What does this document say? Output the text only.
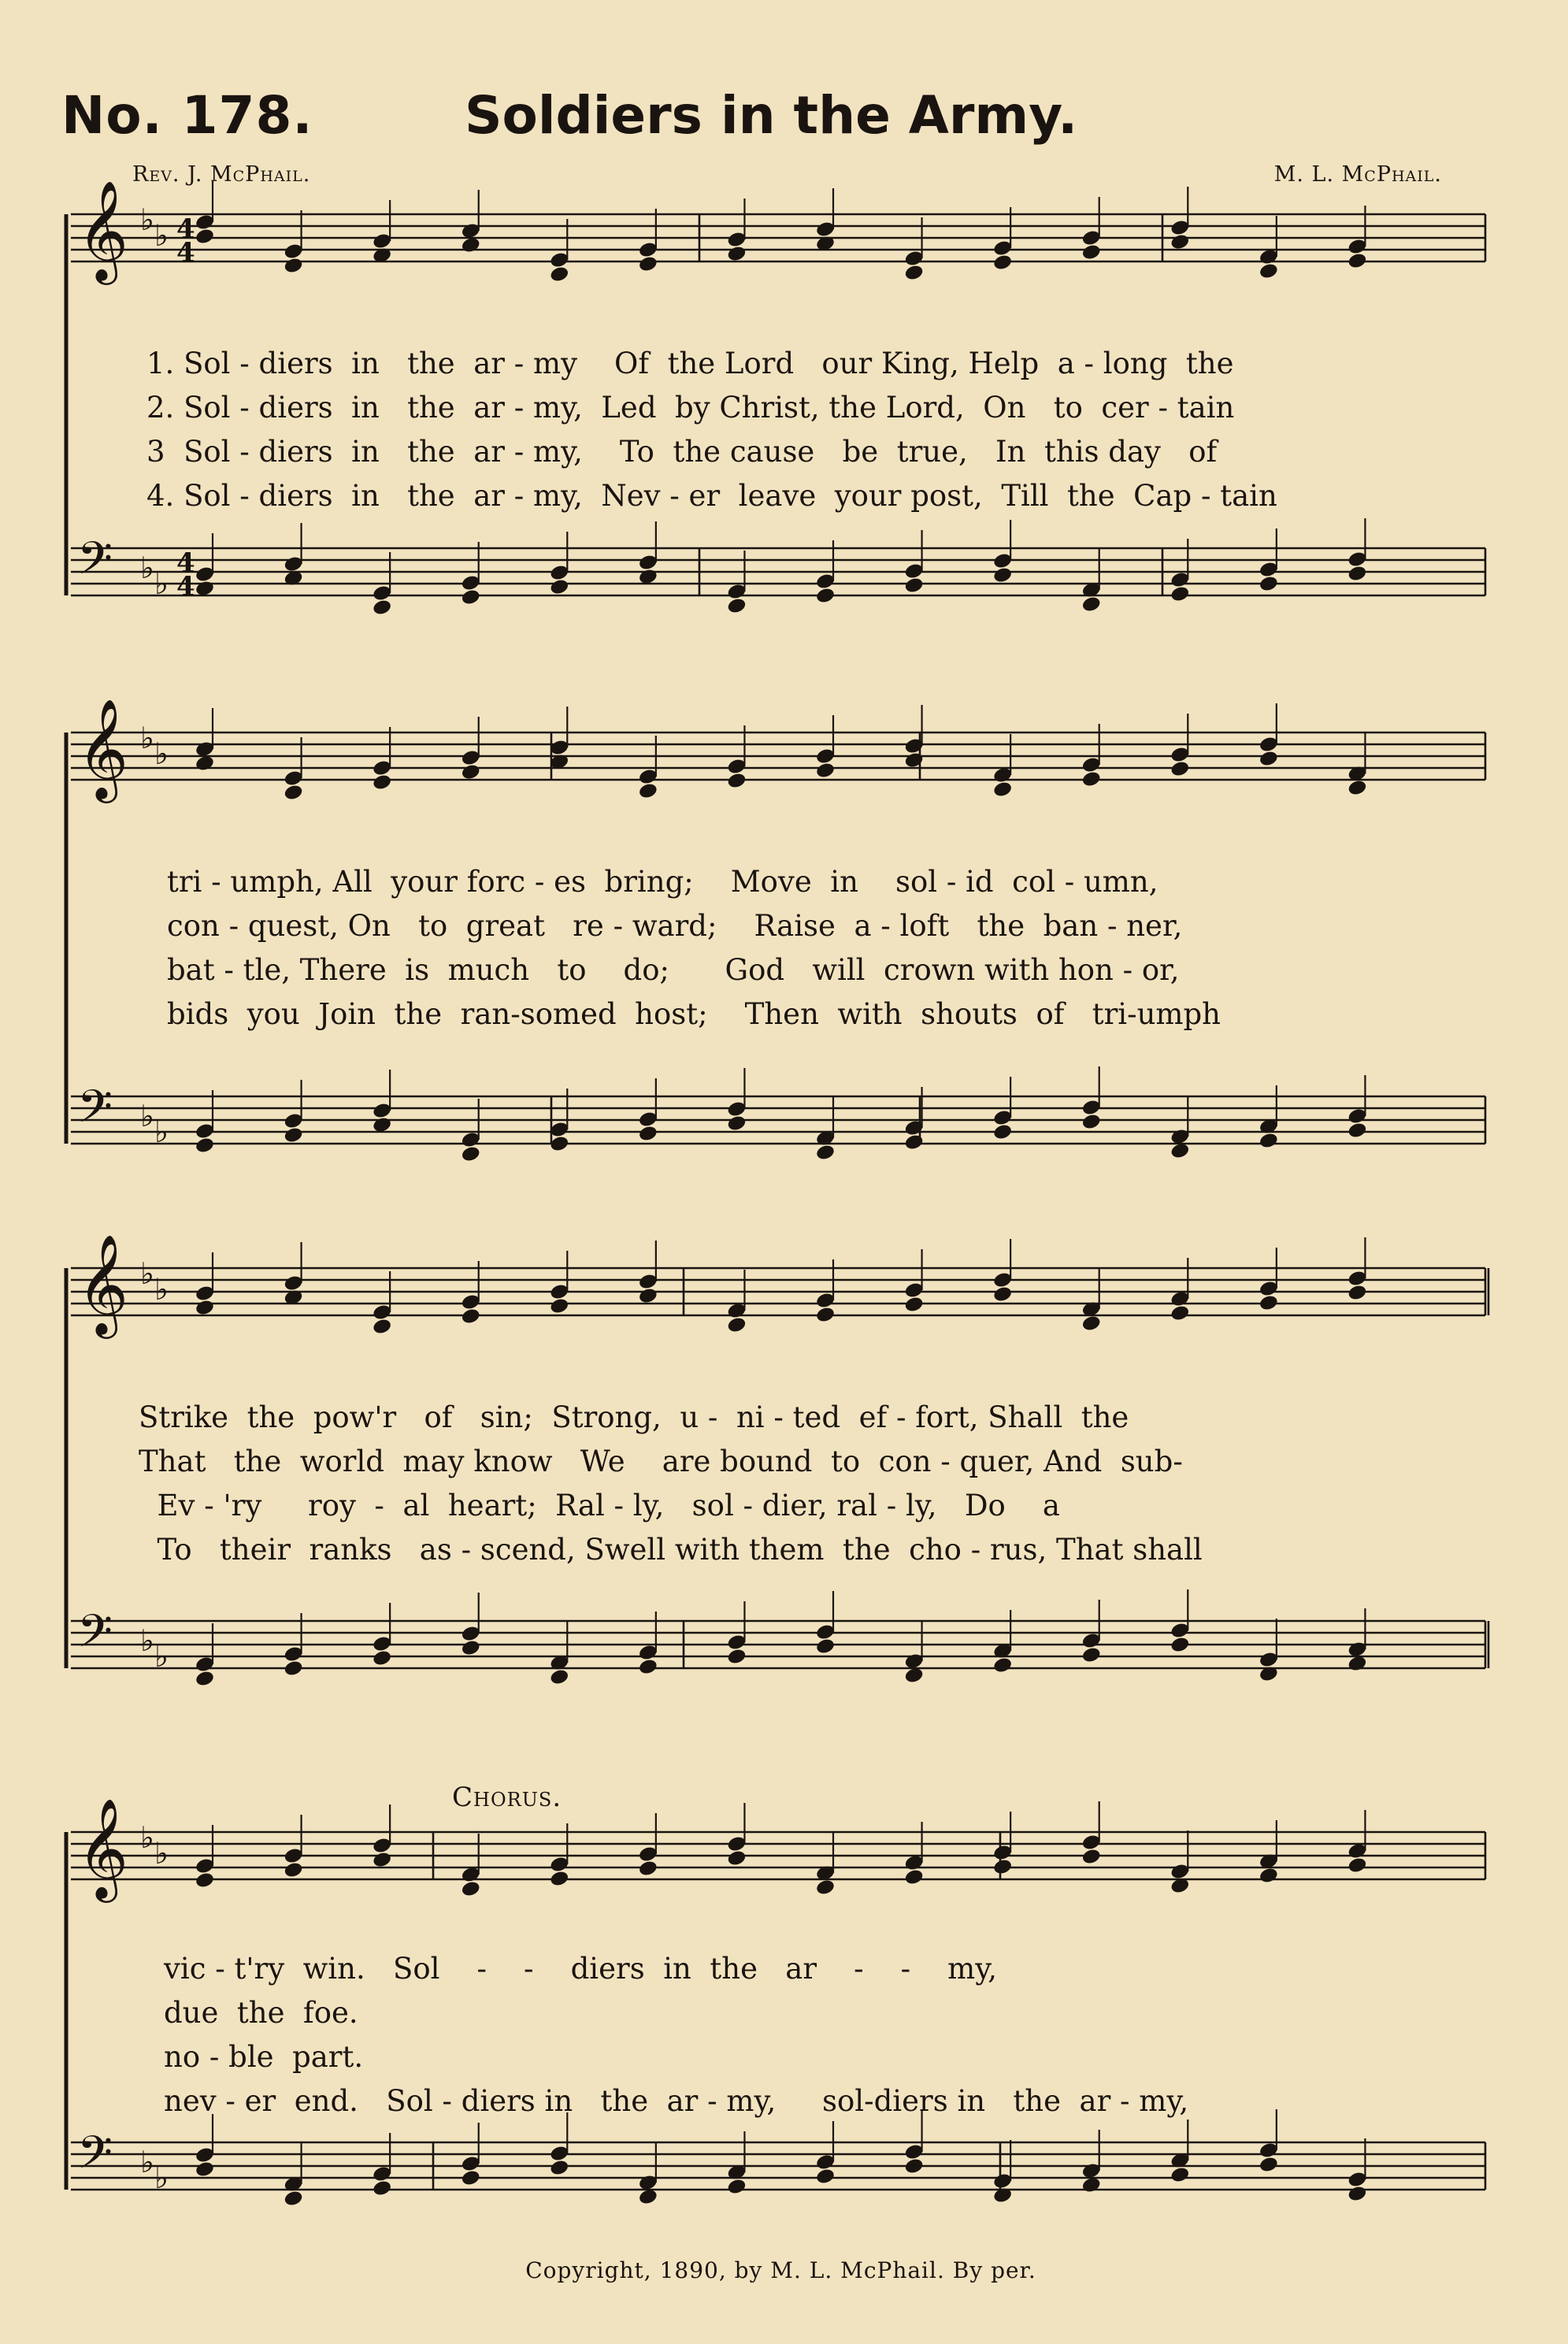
No. 178.	Soldiers in the Army.
Rev. J. McPhail.	M. L. McPhail.
𝄞 ♭ ♭ 4
4
𝄢 ♭ ♭
4
4
𝄞 ♭ ♭
𝄢 ♭ ♭
𝄞 ♭ ♭
𝄢 ♭ ♭
𝄞 ♭ ♭
𝄢 ♭ ♭
1. Sol - diers  in   the  ar - my    Of  the Lord   our King, Help  a - long  the
2. Sol - diers  in   the  ar - my,  Led  by Christ, the Lord,  On   to  cer - tain
3  Sol - diers  in   the  ar - my,    To  the cause   be  true,   In  this day   of
4. Sol - diers  in   the  ar - my,  Nev - er  leave  your post,  Till  the  Cap - tain
tri - umph, All  your forc - es  bring;    Move  in    sol - id  col - umn,
con - quest, On   to  great   re - ward;    Raise  a - loft   the  ban - ner,
bat - tle, There  is  much   to    do;      God   will  crown with hon - or,
bids  you  Join  the  ran-somed  host;    Then  with  shouts  of   tri-umph
Strike  the  pow'r   of   sin;  Strong,  u -  ni - ted  ef - fort, Shall  the
That   the  world  may know   We    are bound  to  con - quer, And  sub-
Ev - 'ry     roy  -  al  heart;  Ral - ly,   sol - dier, ral - ly,   Do    a
To   their  ranks   as - scend, Swell with them  the  cho - rus, That shall
Chorus.
vic - t'ry  win.   Sol    -    -    diers  in  the   ar    -    -    my,
due  the  foe.
no - ble  part.
nev - er  end.   Sol - diers in   the  ar - my,     sol-diers in   the  ar - my,
Copyright, 1890, by M. L. McPhail. By per.
